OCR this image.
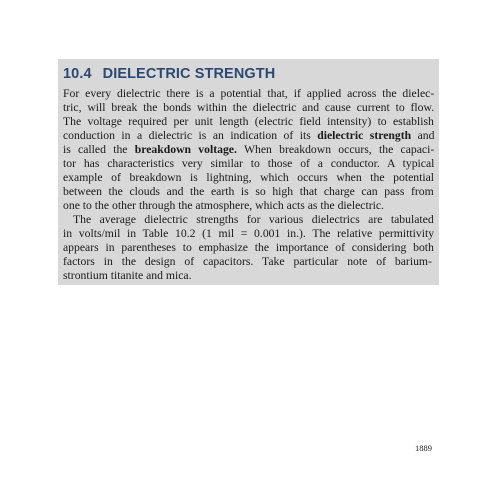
10.4 DIELECTRIC STRENGTH

For every dielectric there is a potential that, if applied across the dielec-
tric, will break the bonds within the dielectric and cause current to flow.
The voltage required per unit length (electric field intensity) to establish
conduction in a dielectric is an indication of its dielectric strength and
is called the breakdown voltage. When breakdown occurs, the capaci-
tor has characteristics very similar to those of a conductor. A typical
example of breakdown is lightning, which occurs when the potential
between the clouds and the earth is so high that charge can pass from
one to the other through the atmosphere, which acts as the dielectric.

The average dielectric strengths for various dielectrics are tabulated
in volts/mil in Table 10.2 (1 mil = 0.001 in.). The relative permittivity
appears in parentheses to emphasize the importance of considering both
factors in the design of capacitors. Take particular note of barium-
strontium titanite and mica.

1889
